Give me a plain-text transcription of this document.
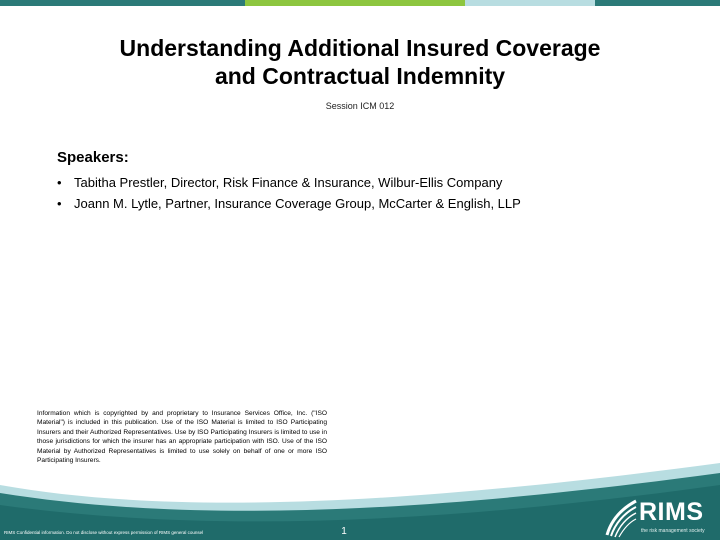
Understanding Additional Insured Coverage
and Contractual Indemnity
Session ICM 012
Speakers:
• Tabitha Prestler, Director, Risk Finance & Insurance, Wilbur-Ellis Company
• Joann M. Lytle, Partner, Insurance Coverage Group, McCarter & English, LLP
Information which is copyrighted by and proprietary to Insurance Services Office, Inc. ("ISO Material") is included in this publication. Use of the ISO Material is limited to ISO Participating Insurers and their Authorized Representatives. Use by ISO Participating Insurers is limited to use in those jurisdictions for which the insurer has an appropriate participation with ISO. Use of the ISO Material by Authorized Representatives is limited to use solely on behalf of one or more ISO Participating Insurers.
RIMS Confidential information. Do not disclose without express permission of RIMS general counsel	1
RIMS
the risk management society
